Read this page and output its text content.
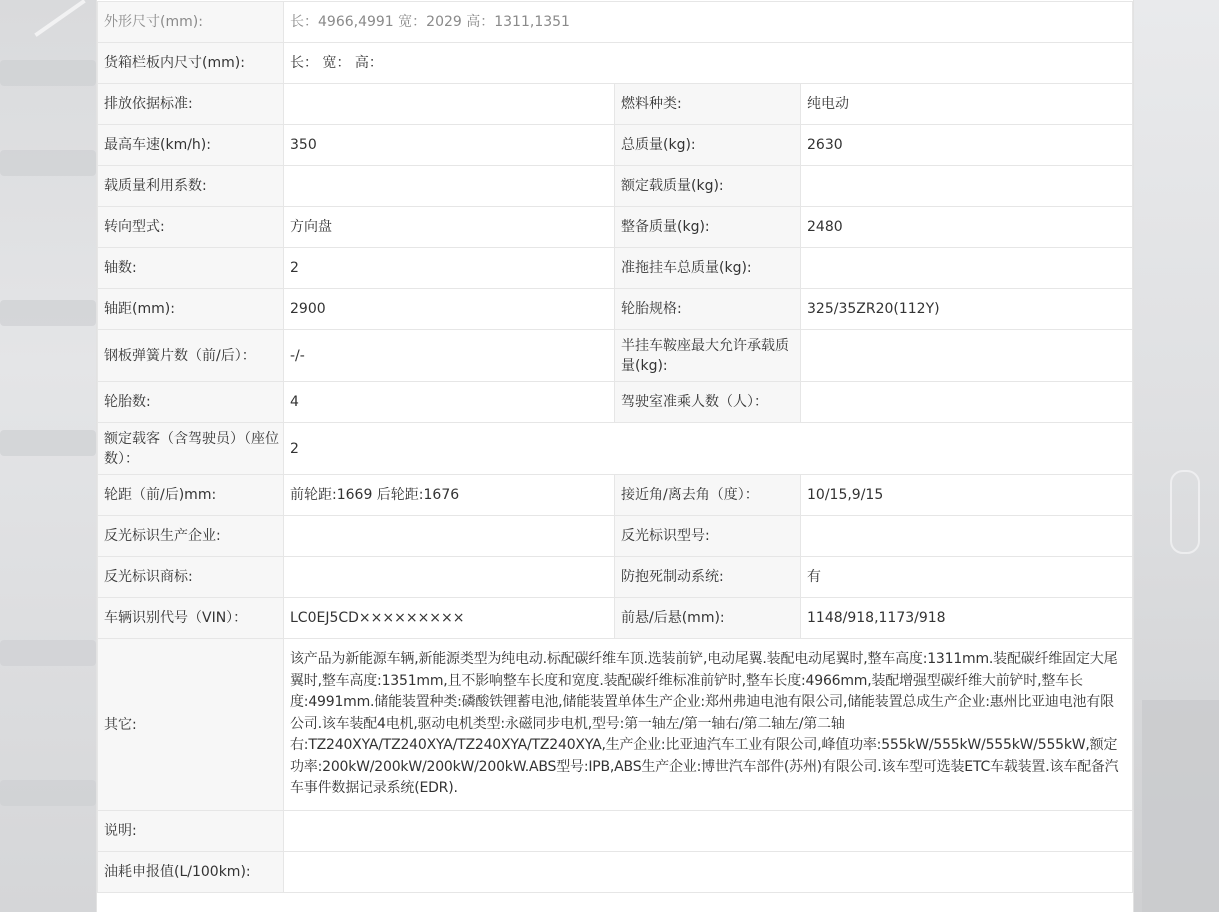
外形尺寸(mm):	长：4966,4991 宽：2029 高：1311,1351		
货箱栏板内尺寸(mm):	长： 宽： 高：		
排放依据标准:		燃料种类:	纯电动
最高车速(km/h):	350	总质量(kg):	2630
载质量利用系数:		额定载质量(kg):	
转向型式:	方向盘	整备质量(kg):	2480
轴数:	2	准拖挂车总质量(kg):	
轴距(mm):	2900	轮胎规格:	325/35ZR20(112Y)
钢板弹簧片数（前/后）：	-/-	半挂车鞍座最大允许承载质量(kg):	
轮胎数:	4	驾驶室准乘人数（人）：	
额定载客（含驾驶员）（座位数）：	2		
轮距（前/后)mm:	前轮距:1669 后轮距:1676	接近角/离去角（度）：	10/15,9/15
反光标识生产企业:		反光标识型号:	
反光标识商标:		防抱死制动系统:	有
车辆识别代号（VIN）：	LC0EJ5CD×××××××××	前悬/后悬(mm):	1148/918,1173/918
其它:	该产品为新能源车辆,新能源类型为纯电动.标配碳纤维车顶.选装前铲,电动尾翼.装配电动尾翼时,整车高度:1311mm.装配碳纤维固定大尾翼时,整车高度:1351mm,且不影响整车长度和宽度.装配碳纤维标准前铲时,整车长度:4966mm,装配增强型碳纤维大前铲时,整车长度:4991mm.储能装置种类:磷酸铁锂蓄电池,储能装置单体生产企业:郑州弗迪电池有限公司,储能装置总成生产企业:惠州比亚迪电池有限公司.该车装配4电机,驱动电机类型:永磁同步电机,型号:第一轴左/第一轴右/第二轴左/第二轴右:TZ240XYA/TZ240XYA/TZ240XYA/TZ240XYA,生产企业:比亚迪汽车工业有限公司,峰值功率:555kW/555kW/555kW/555kW,额定功率:200kW/200kW/200kW/200kW.ABS型号:IPB,ABS生产企业:博世汽车部件(苏州)有限公司.该车型可选装ETC车载装置.该车配备汽车事件数据记录系统(EDR).		
说明:			
油耗申报值(L/100km):			
